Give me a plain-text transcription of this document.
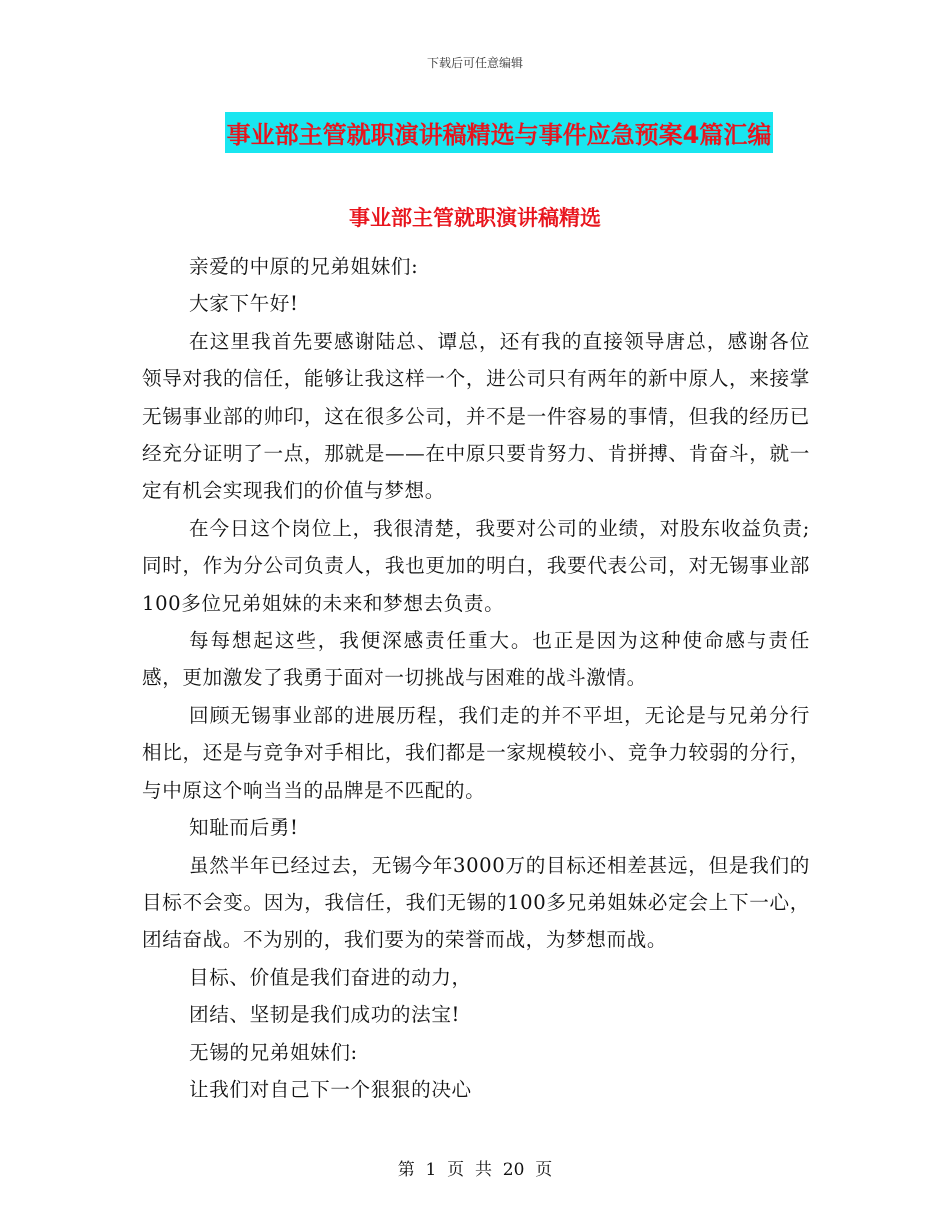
下载后可任意编辑
事业部主管就职演讲稿精选与事件应急预案4篇汇编
事业部主管就职演讲稿精选

亲爱的中原的兄弟姐妹们:

大家下午好!

在这里我首先要感谢陆总、谭总，还有我的直接领导唐总，感谢各位领导对我的信任，能够让我这样一个，进公司只有两年的新中原人，来接掌无锡事业部的帅印，这在很多公司，并不是一件容易的事情，但我的经历已经充分证明了一点，那就是——在中原只要肯努力、肯拼搏、肯奋斗，就一定有机会实现我们的价值与梦想。

在今日这个岗位上，我很清楚，我要对公司的业绩，对股东收益负责;同时，作为分公司负责人，我也更加的明白，我要代表公司，对无锡事业部100多位兄弟姐妹的未来和梦想去负责。

每每想起这些，我便深感责任重大。也正是因为这种使命感与责任感，更加激发了我勇于面对一切挑战与困难的战斗激情。

回顾无锡事业部的进展历程，我们走的并不平坦，无论是与兄弟分行相比，还是与竞争对手相比，我们都是一家规模较小、竞争力较弱的分行，与中原这个响当当的品牌是不匹配的。

知耻而后勇!

虽然半年已经过去，无锡今年3000万的目标还相差甚远，但是我们的目标不会变。因为，我信任，我们无锡的100多兄弟姐妹必定会上下一心，团结奋战。不为别的，我们要为的荣誉而战，为梦想而战。

目标、价值是我们奋进的动力，

团结、坚韧是我们成功的法宝!

无锡的兄弟姐妹们:

让我们对自己下一个狠狠的决心

第  1  页  共  20  页
